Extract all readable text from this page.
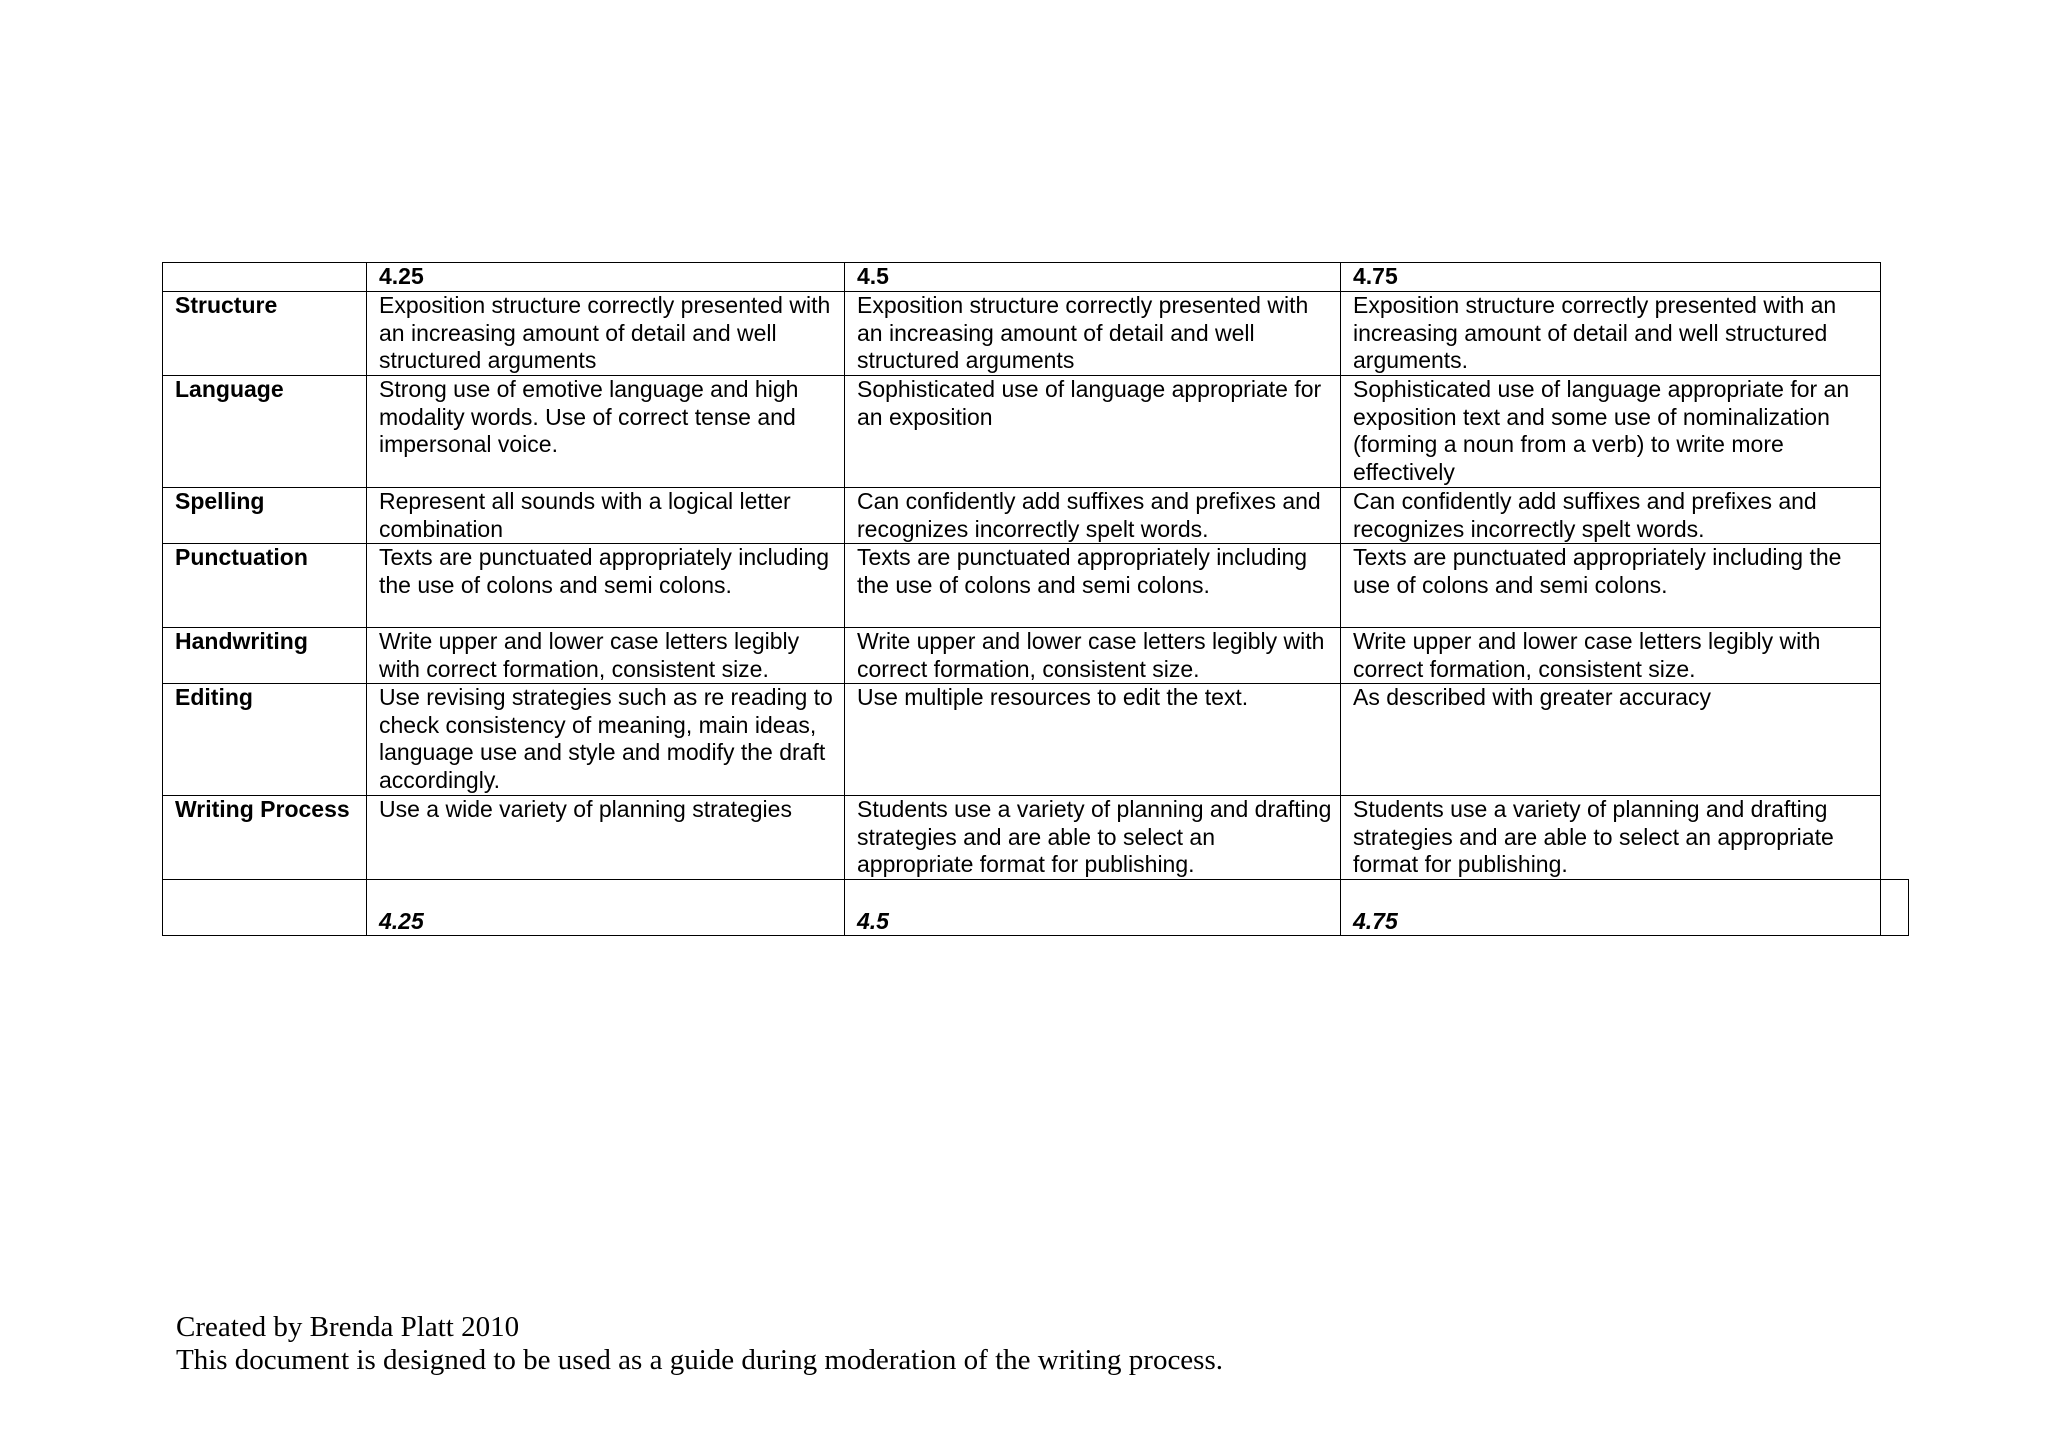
	4.25	4.5	4.75	
Structure	Exposition structure correctly presented with an increasing amount of detail and well structured arguments	Exposition structure correctly presented with an increasing amount of detail and well structured arguments	Exposition structure correctly presented with an increasing amount of detail and well structured arguments.	
Language	Strong use of emotive language and high modality words. Use of correct tense and impersonal voice.	Sophisticated use of language appropriate for an exposition	Sophisticated use of language appropriate for an exposition text and some use of nominalization (forming a noun from a verb) to write more effectively	
Spelling	Represent all sounds with a logical letter combination	Can confidently add suffixes and prefixes and recognizes incorrectly spelt words.	Can confidently add suffixes and prefixes and recognizes incorrectly spelt words.	
Punctuation	Texts are punctuated appropriately including the use of colons and semi colons.	Texts are punctuated appropriately including the use of colons and semi colons.	Texts are punctuated appropriately including the use of colons and semi colons.	
Handwriting	Write upper and lower case letters legibly with correct formation, consistent size.	Write upper and lower case letters legibly with correct formation, consistent size.	Write upper and lower case letters legibly with correct formation, consistent size.	
Editing	Use revising strategies such as re reading to check consistency of meaning, main ideas, language use and style and modify the draft accordingly.	Use multiple resources to edit the text.	As described with greater accuracy	
Writing Process	Use a wide variety of planning strategies	Students use a variety of planning and drafting strategies and are able to select an appropriate format for publishing.	Students use a variety of planning and drafting strategies and are able to select an appropriate format for publishing.	
	4.25	4.5	4.75	
Created by Brenda Platt 2010
This document is designed to be used as a guide during moderation of the writing process.
